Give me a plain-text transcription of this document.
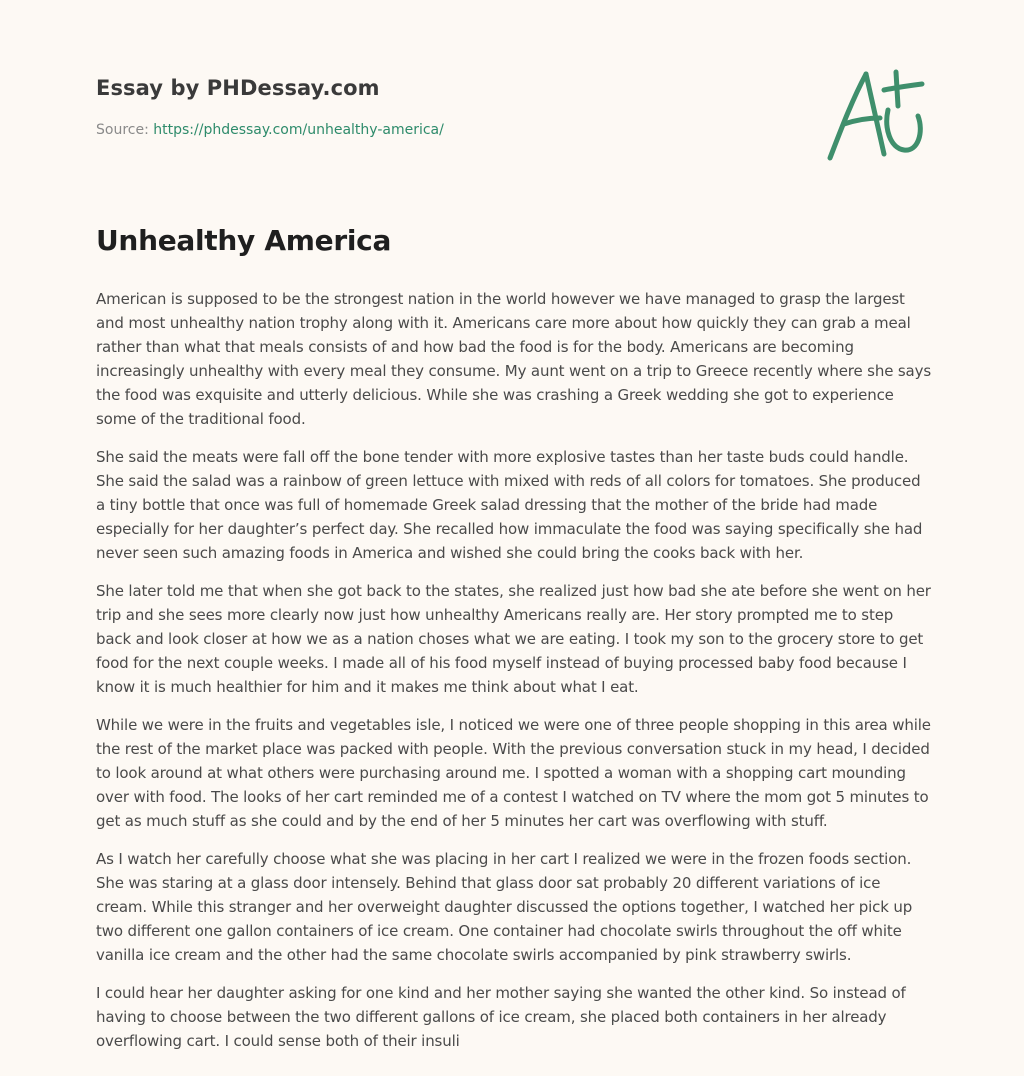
Essay by PHDessay.com
Source: https://phdessay.com/unhealthy-america/
Unhealthy America

American is supposed to be the strongest nation in the world however we have managed to grasp the largest and most unhealthy nation trophy along with it. Americans care more about how quickly they can grab a meal rather than what that meals consists of and how bad the food is for the body. Americans are becoming increasingly unhealthy with every meal they consume. My aunt went on a trip to Greece recently where she says the food was exquisite and utterly delicious. While she was crashing a Greek wedding she got to experience some of the traditional food.

She said the meats were fall off the bone tender with more explosive tastes than her taste buds could handle. She said the salad was a rainbow of green lettuce with mixed with reds of all colors for tomatoes. She produced a tiny bottle that once was full of homemade Greek salad dressing that the mother of the bride had made especially for her daughter’s perfect day. She recalled how immaculate the food was saying specifically she had never seen such amazing foods in America and wished she could bring the cooks back with her.

She later told me that when she got back to the states, she realized just how bad she ate before she went on her trip and she sees more clearly now just how unhealthy Americans really are. Her story prompted me to step back and look closer at how we as a nation choses what we are eating. I took my son to the grocery store to get food for the next couple weeks. I made all of his food myself instead of buying processed baby food because I know it is much healthier for him and it makes me think about what I eat.

While we were in the fruits and vegetables isle, I noticed we were one of three people shopping in this area while the rest of the market place was packed with people. With the previous conversation stuck in my head, I decided to look around at what others were purchasing around me. I spotted a woman with a shopping cart mounding over with food. The looks of her cart reminded me of a contest I watched on TV where the mom got 5 minutes to get as much stuff as she could and by the end of her 5 minutes her cart was overflowing with stuff.

As I watch her carefully choose what she was placing in her cart I realized we were in the frozen foods section. She was staring at a glass door intensely. Behind that glass door sat probably 20 different variations of ice cream. While this stranger and her overweight daughter discussed the options together, I watched her pick up two different one gallon containers of ice cream. One container had chocolate swirls throughout the off white vanilla ice cream and the other had the same chocolate swirls accompanied by pink strawberry swirls.

I could hear her daughter asking for one kind and her mother saying she wanted the other kind. So instead of having to choose between the two different gallons of ice cream, she placed both containers in her already overflowing cart. I could sense both of their insuli
